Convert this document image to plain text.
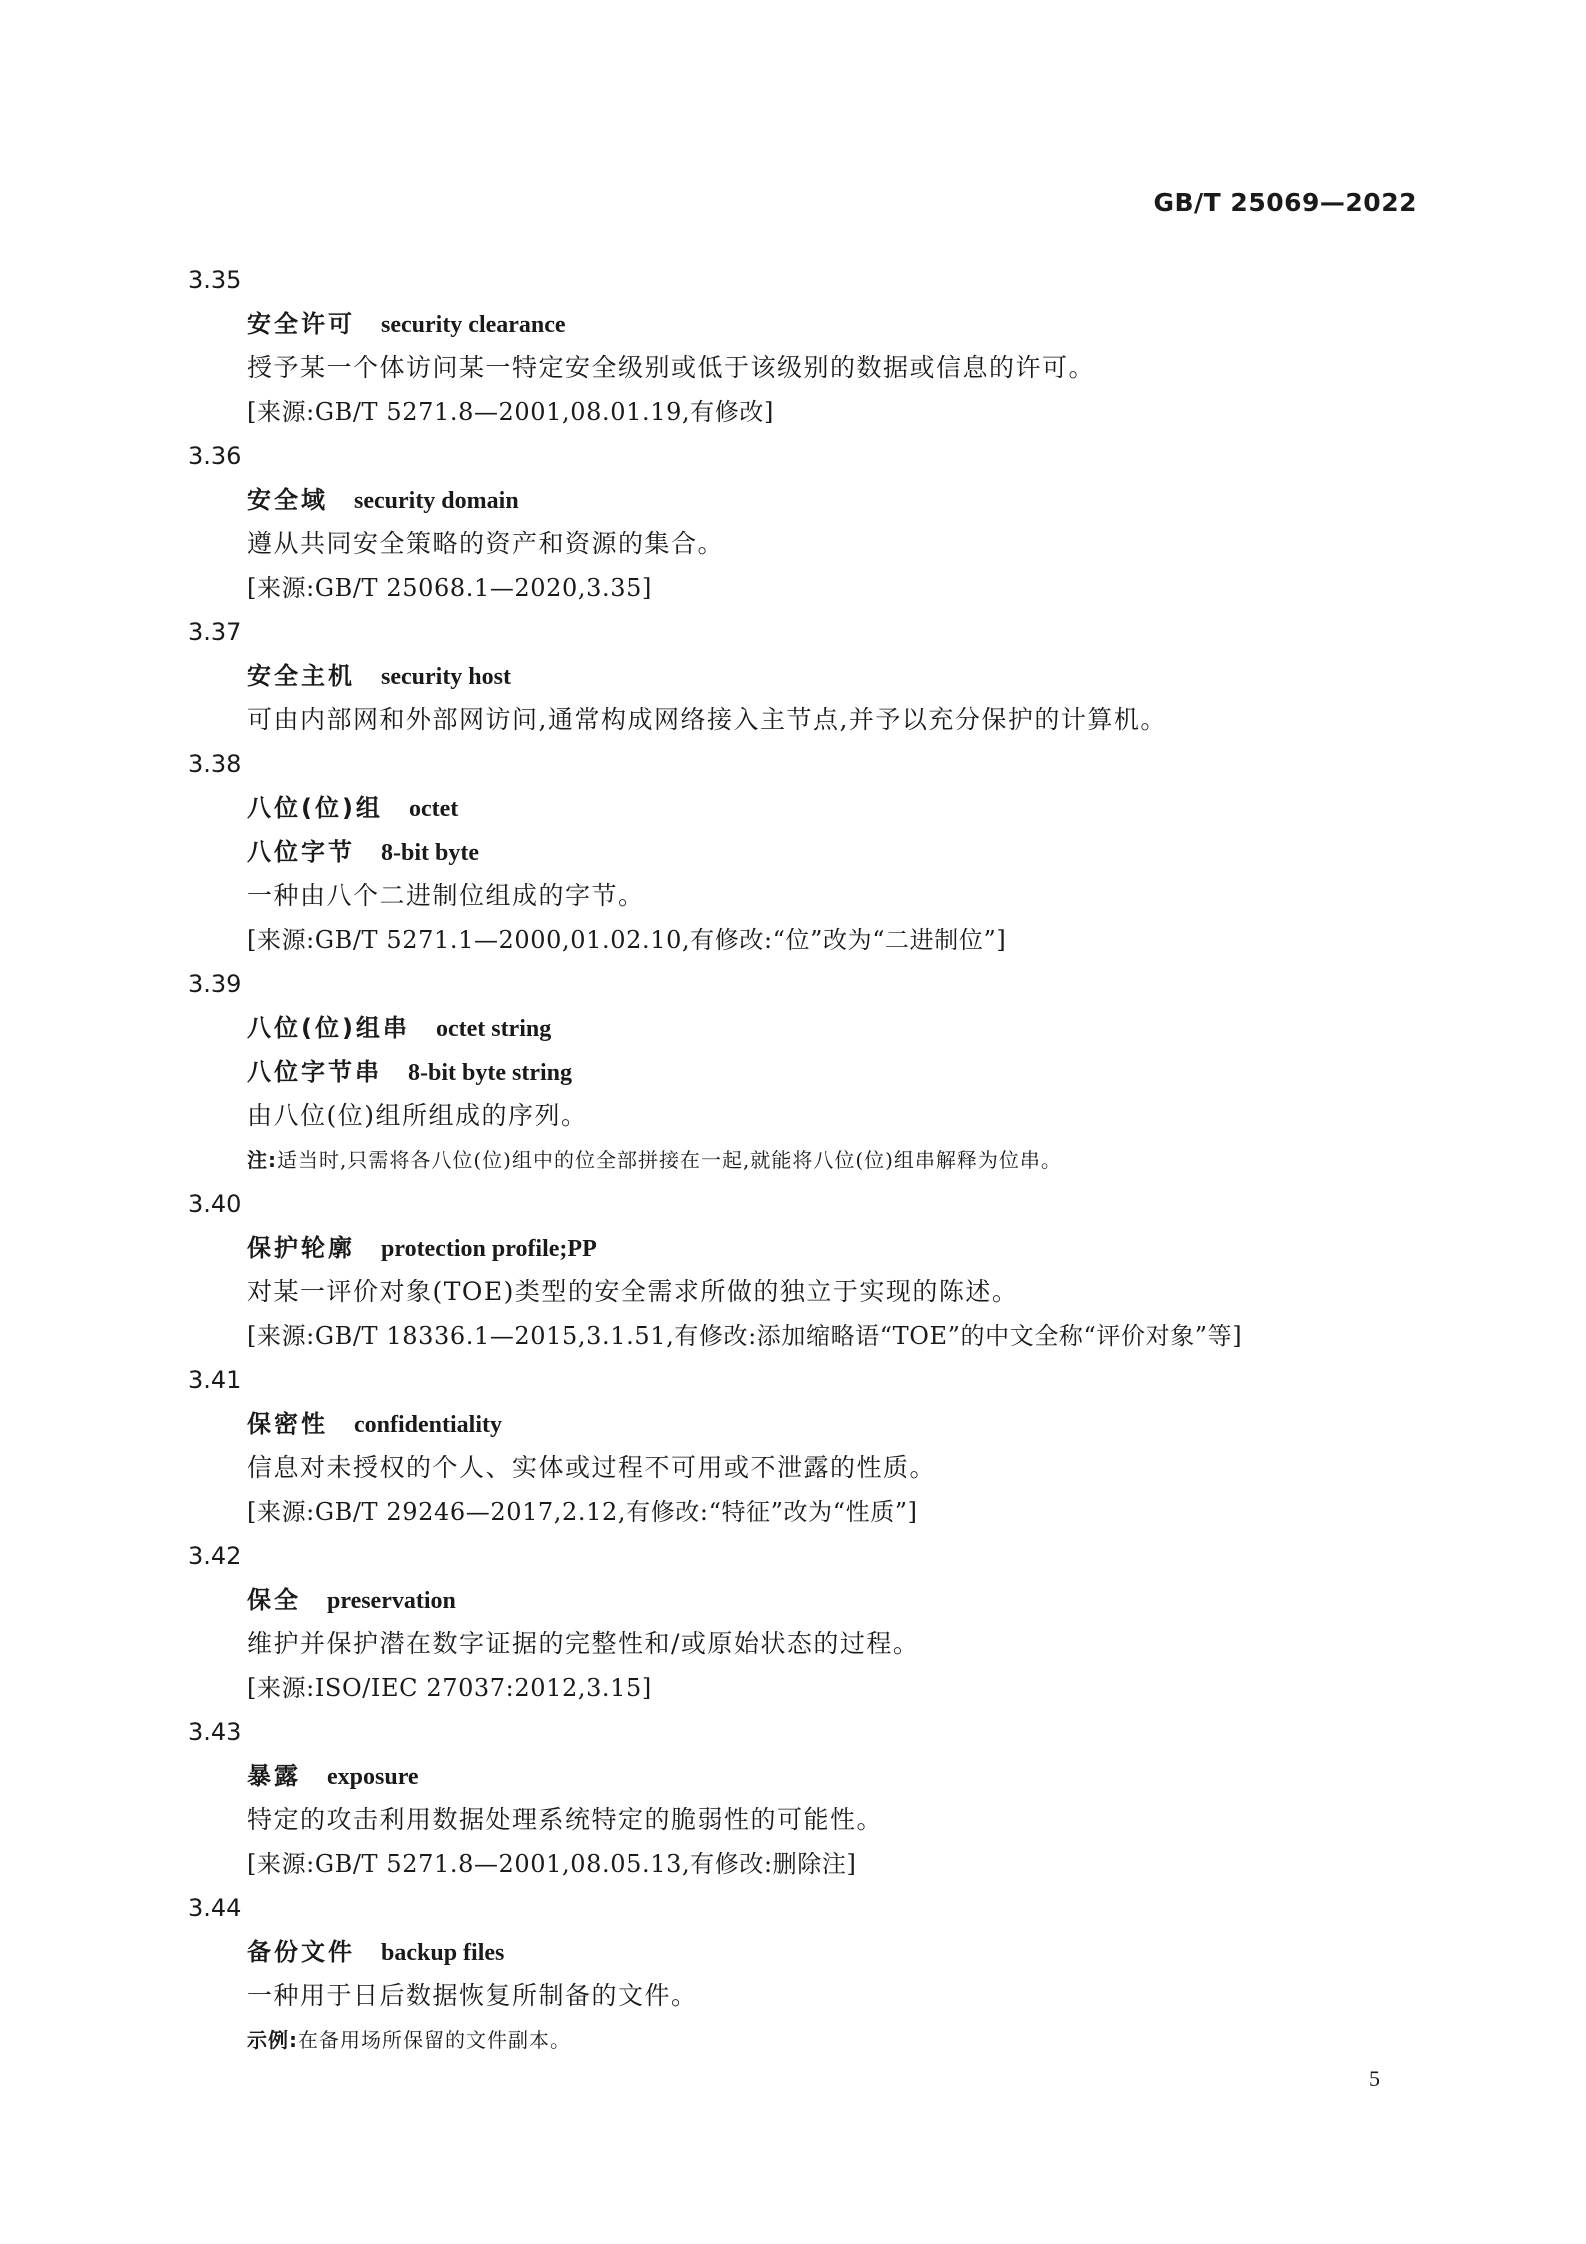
GB/T 25069—2022
3.35
安全许可 security clearance
授予某一个体访问某一特定安全级别或低于该级别的数据或信息的许可。
[来源:GB/T 5271.8—2001,08.01.19,有修改]
3.36
安全域 security domain
遵从共同安全策略的资产和资源的集合。
[来源:GB/T 25068.1—2020,3.35]
3.37
安全主机 security host
可由内部网和外部网访问,通常构成网络接入主节点,并予以充分保护的计算机。
3.38
八位(位)组 octet
八位字节 8-bit byte
一种由八个二进制位组成的字节。
[来源:GB/T 5271.1—2000,01.02.10,有修改:“位”改为“二进制位”]
3.39
八位(位)组串 octet string
八位字节串 8-bit byte string
由八位(位)组所组成的序列。
注:适当时,只需将各八位(位)组中的位全部拼接在一起,就能将八位(位)组串解释为位串。
3.40
保护轮廓 protection profile;PP
对某一评价对象(TOE)类型的安全需求所做的独立于实现的陈述。
[来源:GB/T 18336.1—2015,3.1.51,有修改:添加缩略语“TOE”的中文全称“评价对象”等]
3.41
保密性 confidentiality
信息对未授权的个人、实体或过程不可用或不泄露的性质。
[来源:GB/T 29246—2017,2.12,有修改:“特征”改为“性质”]
3.42
保全 preservation
维护并保护潜在数字证据的完整性和/或原始状态的过程。
[来源:ISO/IEC 27037:2012,3.15]
3.43
暴露 exposure
特定的攻击利用数据处理系统特定的脆弱性的可能性。
[来源:GB/T 5271.8—2001,08.05.13,有修改:删除注]
3.44
备份文件 backup files
一种用于日后数据恢复所制备的文件。
示例:在备用场所保留的文件副本。
5
